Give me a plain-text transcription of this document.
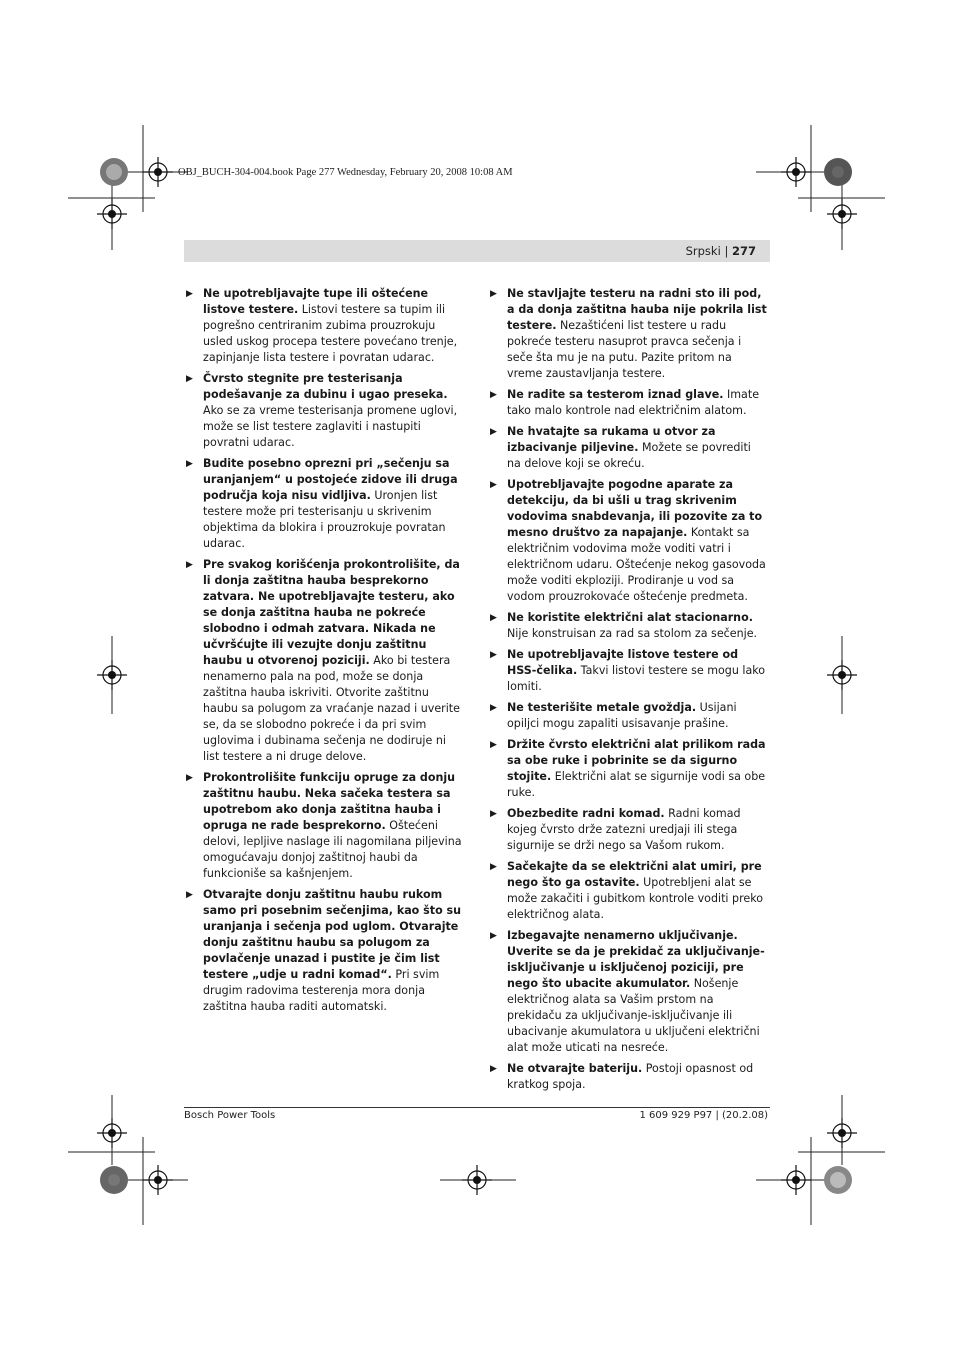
OBJ_BUCH-304-004.book Page 277 Wednesday, February 20, 2008 10:08 AM
Srpski | 277
▶ Ne upotrebljavajte tupe ili oštećene listove testere. Listovi testere sa tupim ili pogrešno centriranim zubima prouzrokuju usled uskog procepa testere povećano trenje, zapinjanje lista testere i povratan udarac.
▶ Čvrsto stegnite pre testerisanja podešavanje za dubinu i ugao preseka. Ako se za vreme testerisanja promene uglovi, može se list testere zaglaviti i nastupiti povratni udarac.
▶ Budite posebno oprezni pri „sečenju sa uranjanjem“ u postojeće zidove ili druga područja koja nisu vidljiva. Uronjen list testere može pri testerisanju u skrivenim objektima da blokira i prouzrokuje povratan udarac.
▶ Pre svakog korišćenja prokontrolišite, da li donja zaštitna hauba besprekorno zatvara. Ne upotrebljavajte testeru, ako se donja zaštitna hauba ne pokreće slobodno i odmah zatvara. Nikada ne učvršćujte ili vezujte donju zaštitnu haubu u otvorenoj poziciji. Ako bi testera nenamerno pala na pod, može se donja zaštitna hauba iskriviti. Otvorite zaštitnu haubu sa polugom za vraćanje nazad i uverite se, da se slobodno pokreće i da pri svim uglovima i dubinama sečenja ne dodiruje ni list testere a ni druge delove.
▶ Prokontrolišite funkciju opruge za donju zaštitnu haubu. Neka sačeka testera sa upotrebom ako donja zaštitna hauba i opruga ne rade besprekorno. Oštećeni delovi, lepljive naslage ili nagomilana piljevina omogućavaju donjoj zaštitnoj haubi da funkcioniše sa kašnjenjem.
▶ Otvarajte donju zaštitnu haubu rukom samo pri posebnim sečenjima, kao što su uranjanja i sečenja pod uglom. Otvarajte donju zaštitnu haubu sa polugom za povlačenje unazad i pustite je čim list testere „udje u radni komad“. Pri svim drugim radovima testerenja mora donja zaštitna hauba raditi automatski.
▶ Ne stavljajte testeru na radni sto ili pod, a da donja zaštitna hauba nije pokrila list testere. Nezaštićeni list testere u radu pokreće testeru nasuprot pravca sečenja i seče šta mu je na putu. Pazite pritom na vreme zaustavljanja testere.
▶ Ne radite sa testerom iznad glave. Imate tako malo kontrole nad električnim alatom.
▶ Ne hvatajte sa rukama u otvor za izbacivanje piljevine. Možete se povrediti na delove koji se okreću.
▶ Upotrebljavajte pogodne aparate za detekciju, da bi ušli u trag skrivenim vodovima snabdevanja, ili pozovite za to mesno društvo za napajanje. Kontakt sa električnim vodovima može voditi vatri i električnom udaru. Oštećenje nekog gasovoda može voditi ekploziji. Prodiranje u vod sa vodom prouzrokovaće oštećenje predmeta.
▶ Ne koristite električni alat stacionarno. Nije konstruisan za rad sa stolom za sečenje.
▶ Ne upotrebljavajte listove testere od HSS-čelika. Takvi listovi testere se mogu lako lomiti.
▶ Ne testerišite metale gvoždja. Usijani opiljci mogu zapaliti usisavanje prašine.
▶ Držite čvrsto električni alat prilikom rada sa obe ruke i pobrinite se da sigurno stojite. Električni alat se sigurnije vodi sa obe ruke.
▶ Obezbedite radni komad. Radni komad kojeg čvrsto drže zatezni uredjaji ili stega sigurnije se drži nego sa Vašom rukom.
▶ Sačekajte da se električni alat umiri, pre nego što ga ostavite. Upotrebljeni alat se može zakačiti i gubitkom kontrole voditi preko električnog alata.
▶ Izbegavajte nenamerno uključivanje. Uverite se da je prekidač za uključivanje-isključivanje u isključenoj poziciji, pre nego što ubacite akumulator. Nošenje električnog alata sa Vašim prstom na prekidaču za uključivanje-isključivanje ili ubacivanje akumulatora u uključeni električni alat može uticati na nesreće.
▶ Ne otvarajte bateriju. Postoji opasnost od kratkog spoja.
Bosch Power Tools	1 609 929 P97 | (20.2.08)
